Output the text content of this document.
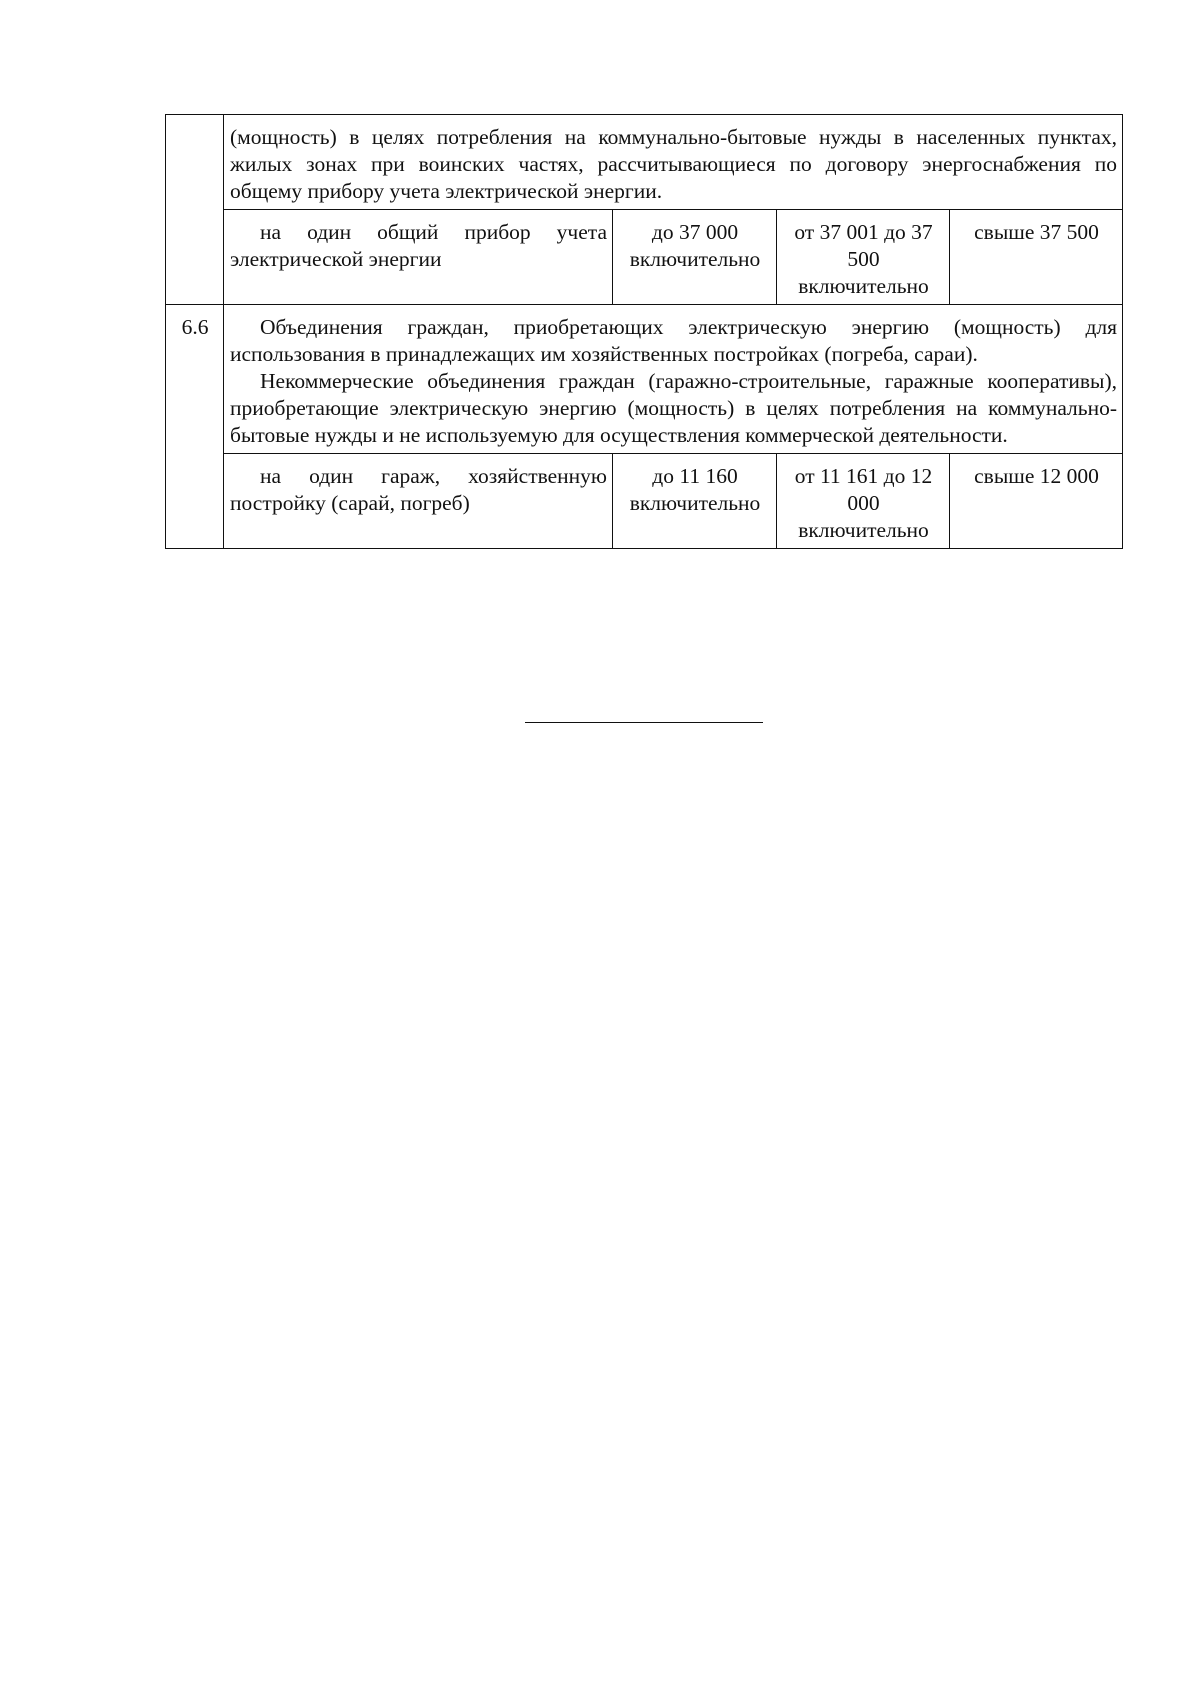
	(мощность) в целях потребления на коммунально-бытовые нужды в населенных пунктах, жилых зонах при воинских частях, рассчитывающиеся по договору энергоснабжения по общему прибору учета электрической энергии.			

	на один общий прибор учета электрической энергии	до 37 000 включительно	от 37 001 до 37 500 включительно	свыше 37 500
6.6	Объединения граждан, приобретающих электрическую энергию (мощность) для использования в принадлежащих им хозяйственных постройках (погреба, сараи).

Некоммерческие объединения граждан (гаражно-строительные, гаражные кооперативы), приобретающие электрическую энергию (мощность) в целях потребления на коммунально-бытовые нужды и не используемую для осуществления коммерческой деятельности.			

	на один гараж, хозяйственную постройку (сарай, погреб)	до 11 160 включительно	от 11 161 до 12 000 включительно	свыше 12 000
